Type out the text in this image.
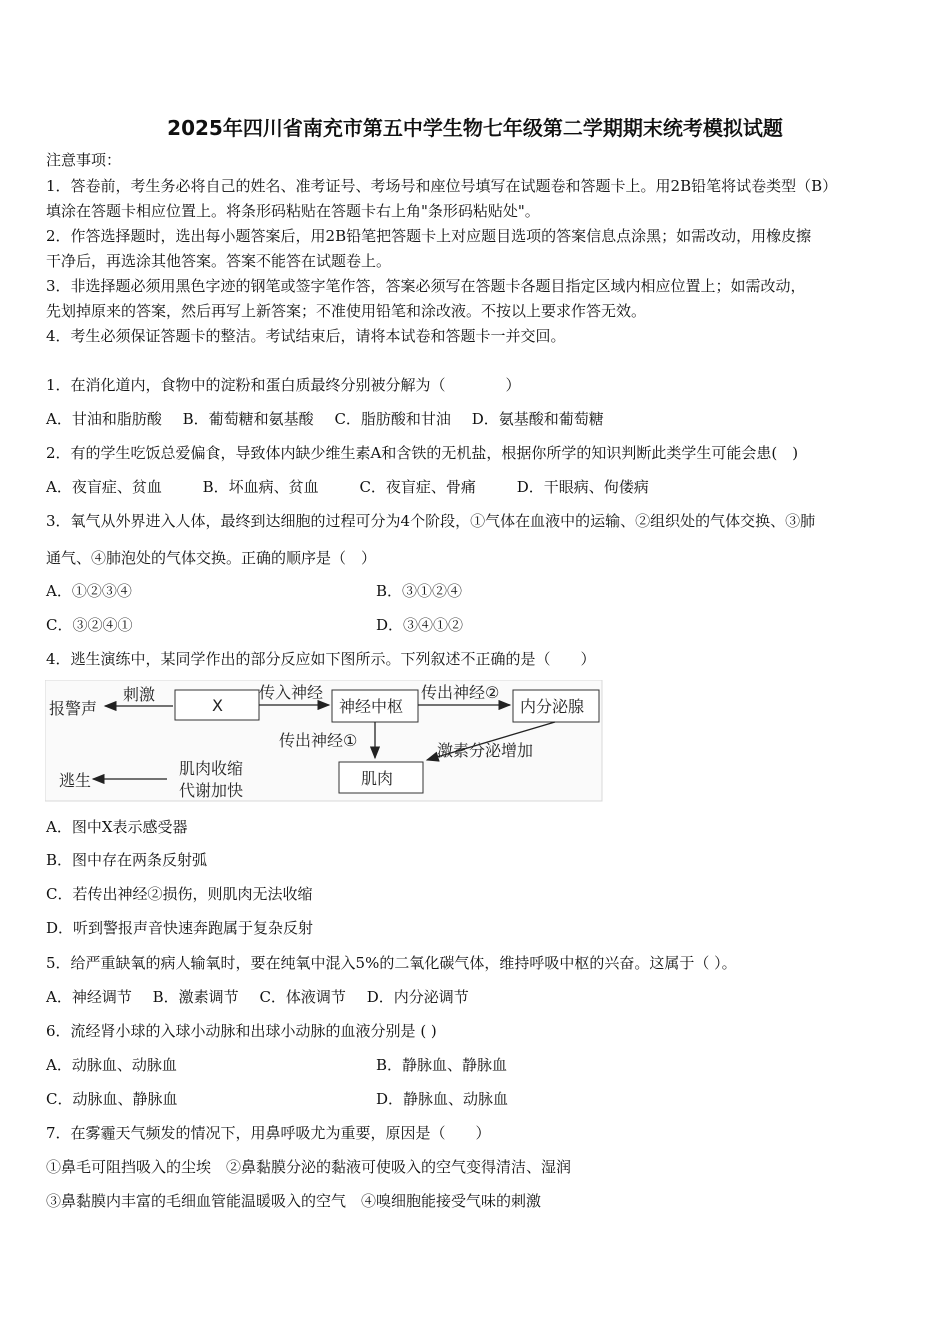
2025年四川省南充市第五中学生物七年级第二学期期末统考模拟试题
注意事项：
1．答卷前，考生务必将自己的姓名、准考证号、考场号和座位号填写在试题卷和答题卡上。用2B铅笔将试卷类型（B）
填涂在答题卡相应位置上。将条形码粘贴在答题卡右上角"条形码粘贴处"。
2．作答选择题时，选出每小题答案后，用2B铅笔把答题卡上对应题目选项的答案信息点涂黑；如需改动，用橡皮擦
干净后，再选涂其他答案。答案不能答在试题卷上。
3．非选择题必须用黑色字迹的钢笔或签字笔作答，答案必须写在答题卡各题目指定区域内相应位置上；如需改动，
先划掉原来的答案，然后再写上新答案；不准使用铅笔和涂改液。不按以上要求作答无效。
4．考生必须保证答题卡的整洁。考试结束后，请将本试卷和答题卡一并交回。
1．在消化道内，食物中的淀粉和蛋白质最终分别被分解为（　　　　）
A．甘油和脂肪酸 B．葡萄糖和氨基酸 C．脂肪酸和甘油 D．氨基酸和葡萄糖
2．有的学生吃饭总爱偏食，导致体内缺少维生素A和含铁的无机盐，根据你所学的知识判断此类学生可能会患(　)
A．夜盲症、贫血	B．坏血病、贫血	C．夜盲症、骨痛	D．干眼病、佝偻病
3．氧气从外界进入人体，最终到达细胞的过程可分为4个阶段，①气体在血液中的运输、②组织处的气体交换、③肺
通气、④肺泡处的气体交换。正确的顺序是（　）
A．①②③④	B．③①②④
C．③②④①	D．③④①②
4．逃生演练中，某同学作出的部分反应如下图所示。下列叙述不正确的是（　　）
报警声
刺激
X
传入神经
神经中枢
传出神经②
内分泌腺
传出神经①
激素分泌增加
肌肉
逃生
肌肉收缩
代谢加快
A．图中X表示感受器
B．图中存在两条反射弧
C．若传出神经②损伤，则肌肉无法收缩
D．听到警报声音快速奔跑属于复杂反射
5．给严重缺氧的病人输氧时，要在纯氧中混入5%的二氧化碳气体，维持呼吸中枢的兴奋。这属于（ ）。
A．神经调节 B．激素调节 C．体液调节 D．内分泌调节
6．流经肾小球的入球小动脉和出球小动脉的血液分别是 ( )
A．动脉血、动脉血	B．静脉血、静脉血
C．动脉血、静脉血	D．静脉血、动脉血
7．在雾霾天气频发的情况下，用鼻呼吸尤为重要，原因是（　　）
①鼻毛可阻挡吸入的尘埃　②鼻黏膜分泌的黏液可使吸入的空气变得清洁、湿润
③鼻黏膜内丰富的毛细血管能温暖吸入的空气　④嗅细胞能接受气味的刺激
